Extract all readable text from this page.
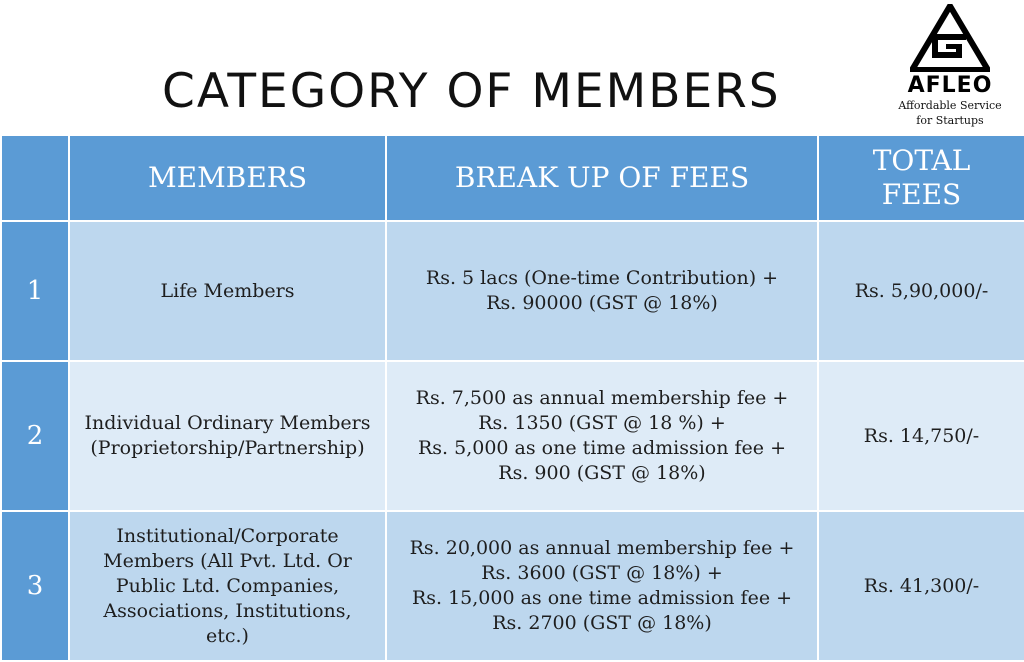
CATEGORY OF MEMBERS	AFLEO
Affordable Service
for Startups
	MEMBERS	BREAK UP OF FEES	TOTAL
FEES

1	Life Members	Rs. 5 lacs (One-time Contribution) +
Rs. 90000 (GST @ 18%)	Rs. 5,90,000/-
2	Individual Ordinary Members (Proprietorship/Partnership)	Rs. 7,500 as annual membership fee +
Rs. 1350 (GST @ 18 %) +
Rs. 5,000 as one time admission fee +
Rs. 900 (GST @ 18%)	Rs. 14,750/-
3	Institutional/Corporate Members (All Pvt. Ltd. Or Public Ltd. Companies, Associations, Institutions, etc.)	Rs. 20,000 as annual membership fee +
Rs. 3600 (GST @ 18%) +
Rs. 15,000 as one time admission fee +
Rs. 2700 (GST @ 18%)	Rs. 41,300/-
